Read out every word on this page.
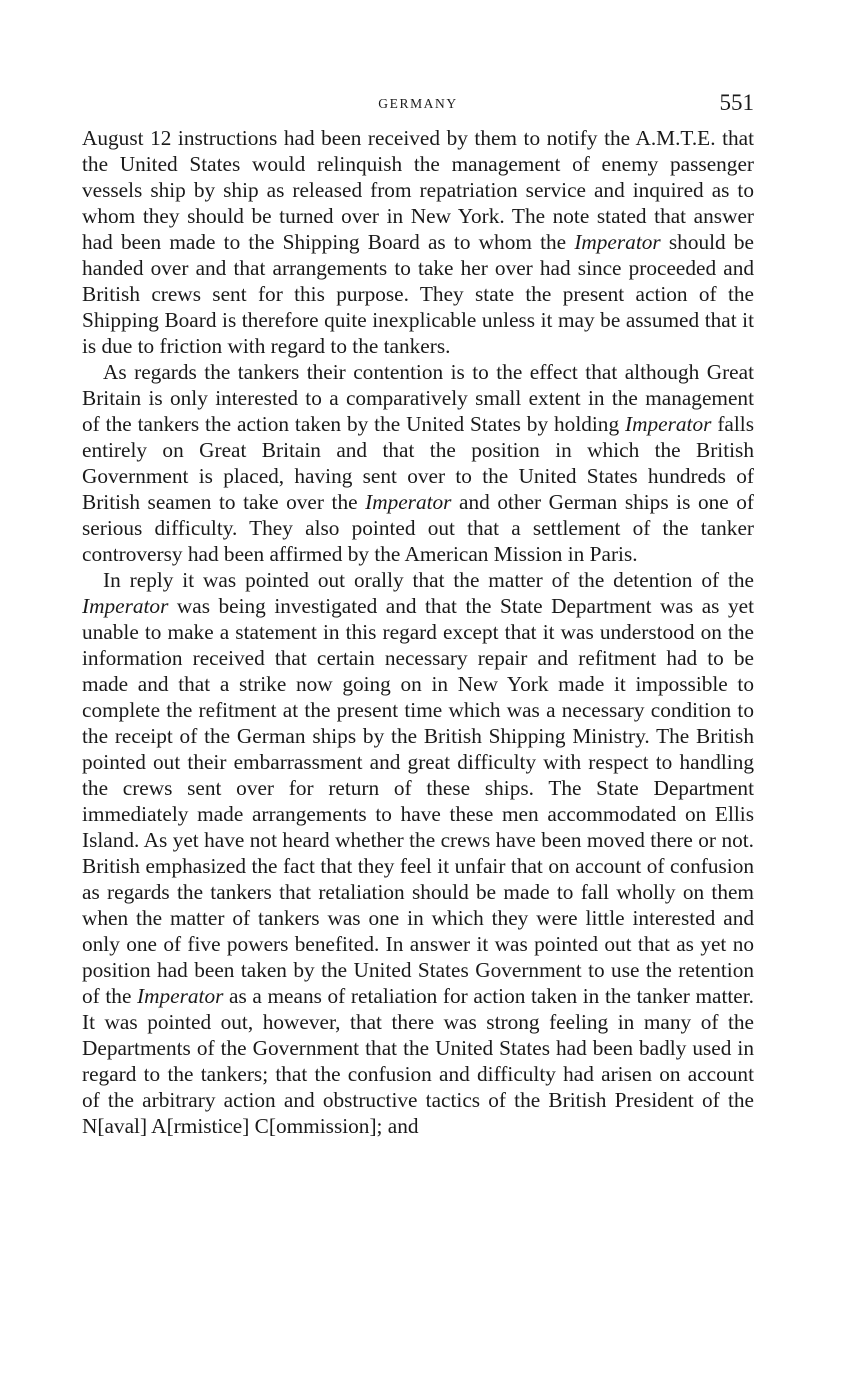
GERMANY	551

August 12 instructions had been received by them to notify the A.M.T.E. that the United States would relinquish the management of enemy passenger vessels ship by ship as released from repatriation service and inquired as to whom they should be turned over in New York. The note stated that answer had been made to the Shipping Board as to whom the Imperator should be handed over and that arrangements to take her over had since proceeded and British crews sent for this purpose. They state the present action of the Shipping Board is therefore quite inexplicable unless it may be assumed that it is due to friction with regard to the tankers.

As regards the tankers their contention is to the effect that although Great Britain is only interested to a comparatively small extent in the management of the tankers the action taken by the United States by holding Imperator falls entirely on Great Britain and that the position in which the British Government is placed, having sent over to the United States hundreds of British seamen to take over the Imperator and other German ships is one of serious difficulty. They also pointed out that a settlement of the tanker controversy had been affirmed by the American Mission in Paris.

In reply it was pointed out orally that the matter of the detention of the Imperator was being investigated and that the State Department was as yet unable to make a statement in this regard except that it was understood on the information received that certain necessary repair and refitment had to be made and that a strike now going on in New York made it impossible to complete the refitment at the present time which was a necessary condition to the receipt of the German ships by the British Shipping Ministry. The British pointed out their embarrassment and great difficulty with respect to handling the crews sent over for return of these ships. The State Department immediately made arrangements to have these men accommodated on Ellis Island. As yet have not heard whether the crews have been moved there or not. British emphasized the fact that they feel it unfair that on account of confusion as regards the tankers that retaliation should be made to fall wholly on them when the matter of tankers was one in which they were little interested and only one of five powers benefited. In answer it was pointed out that as yet no position had been taken by the United States Government to use the retention of the Imperator as a means of retaliation for action taken in the tanker matter. It was pointed out, however, that there was strong feeling in many of the Departments of the Government that the United States had been badly used in regard to the tankers; that the confusion and difficulty had arisen on account of the arbitrary action and obstructive tactics of the British President of the N[aval] A[rmistice] C[ommission]; and
